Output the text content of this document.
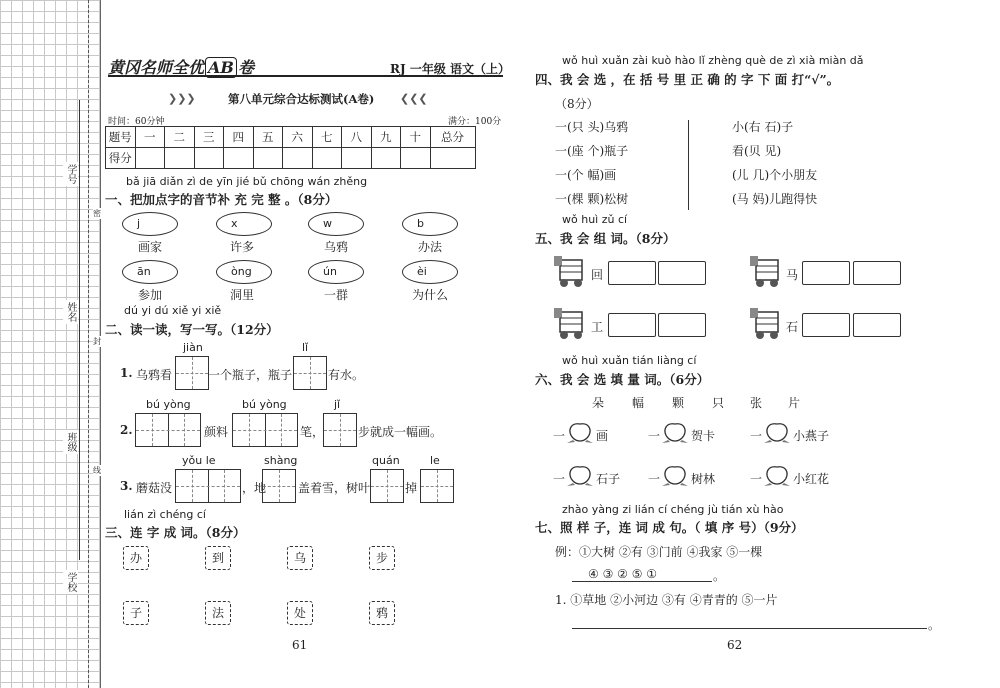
学号
姓名
班级
学校
密
封
线
黄冈名师全优 AB 卷	RJ 一年级 语文（上）
❯❯❯	第八单元综合达标测试(A卷) ❮❮❮
时间：60分钟	满分：100分
题号	一	二	三	四	五	六	七	八	九	十	总分
得分											
bǎ jiā diǎn zì de yīn jié bǔ chōng wán zhěng
一、把加点字的音节补 充 完 整 。（8分）
j	x	w	b
画家	许多	乌鸦	办法
ān	òng	ún	èi
参加	洞里	一群	为什么
dú yi dú xiě yi xiě
二、读一读，写一写。（12分）
jiàn	lǐ
1. 乌鸦看	一个瓶子，瓶子	有水。
bú yòng	bú yòng	jǐ
2.	颜料	笔，	步就成一幅画。
yǒu le	shàng	quán	le
3. 蘑菇没	，地	盖着雪，树叶	掉
lián zì chéng cí
三、连 字 成 词。（8分）
办	到	乌	步
子	法	处	鸦
61
wǒ huì xuǎn zài kuò hào lǐ zhèng què de zì xià miàn dǎ
四、我 会 选 ，在 括 号 里 正 确 的 字 下 面 打“√”。
（8分）
一(只 头)乌鸦
一(座 个)瓶子
一(个 幅)画
一(棵 颗)松树
小(右 石)子
看(贝 见)
(儿 几)个小朋友
(马 妈)儿跑得快
wǒ huì zǔ cí
五、我 会 组 词。（8分）
回	马
工	石
wǒ huì xuǎn tián liàng cí
六、我 会 选 填 量 词。（6分）
朵 幅 颗 只 张 片
一	画	一	贺卡	一	小燕子
一	石子 一	树林	一	小红花
zhào yàng zi lián cí chéng jù tián xù hào
七、照 样 子，连 词 成 句。（ 填 序 号）（9分）
例：①大树 ②有 ③门前 ④我家 ⑤一棵
④ ③ ② ⑤ ①	。
1. ①草地 ②小河边 ③有 ④青青的 ⑤一片
。
62
